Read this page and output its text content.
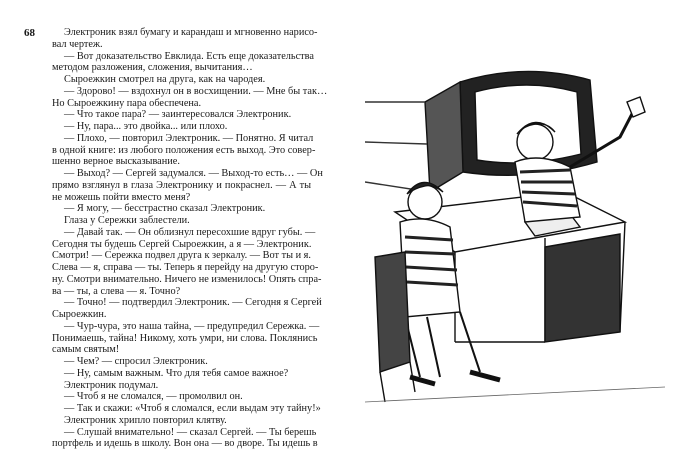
68	Электроник взял бумагу и карандаш и мгновенно нарисо-
вал чертеж.
— Вот доказательство Евклида. Есть еще доказательства
методом разложения, сложения, вычитания…
Сыроежкин смотрел на друга, как на чародея.
— Здорово! — вздохнул он в восхищении. — Мне бы так…
Но Сыроежкину пара обеспечена.
— Что такое пара? — заинтересовался Электроник.
— Ну, пара... это двойка... или плохо.
— Плохо, — повторил Электроник. — Понятно. Я читал
в одной книге: из любого положения есть выход. Это совер-
шенно верное высказывание.
— Выход? — Сергей задумался. — Выход-то есть… — Он
прямо взглянул в глаза Электронику и покраснел. — А ты
не можешь пойти вместо меня?
— Я могу, — бесстрастно сказал Электроник.
Глаза у Сережки заблестели.
— Давай так. — Он облизнул пересохшие вдруг губы. —
Сегодня ты будешь Сергей Сыроежкин, а я — Электроник.
Смотри! — Сережка подвел друга к зеркалу. — Вот ты и я.
Слева — я, справа — ты. Теперь я перейду на другую сторо-
ну. Смотри внимательно. Ничего не изменилось! Опять спра-
ва — ты, а слева — я. Точно?
— Точно! — подтвердил Электроник. — Сегодня я Сергей
Сыроежкин.
— Чур-чура, это наша тайна, — предупредил Сережка. —
Понимаешь, тайна! Никому, хоть умри, ни слова. Поклянись
самым святым!
— Чем? — спросил Электроник.
— Ну, самым важным. Что для тебя самое важное?
Электроник подумал.
— Чтоб я не сломался, — промолвил он.
— Так и скажи: «Чтоб я сломался, если выдам эту тайну!»
Электроник хрипло повторил клятву.
— Слушай внимательно! — сказал Сергей. — Ты берешь
портфель и идешь в школу. Вон она — во дворе. Ты идешь в
